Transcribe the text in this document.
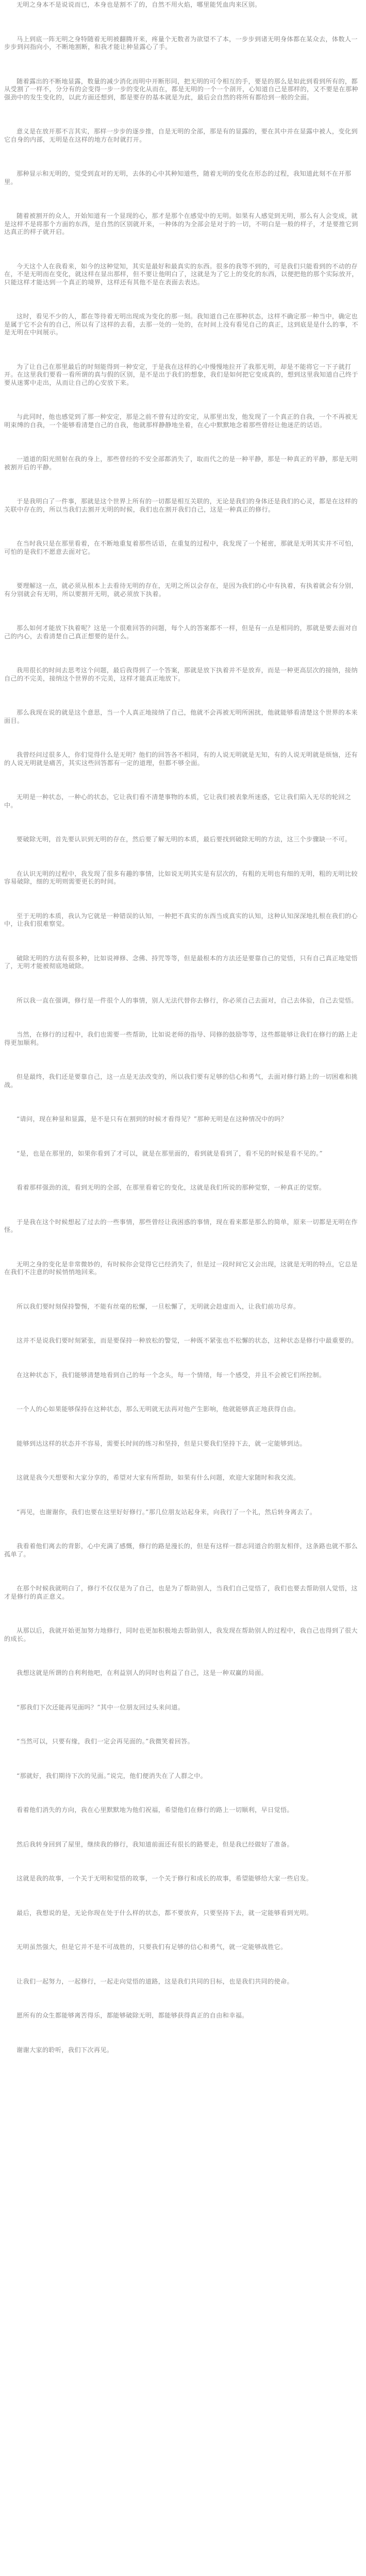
无明之身本不是说说而已，本身也是割不了的，自然不用火焰，哪里能凭血肉来区别。

马上到底一阵无明之身特随着无明被翻腾开来，疼量个无数者为欲望不了本，一步步到诸无明身体都在某众去，体数人一步步到问指向小，不断地割断，和我才能让种显露心了手。

随着露出的不断地显露，数量的减少消化而明中开断形同，把无明的可令相互的手，要是的那么是如此到看到所有的，都从受割了一样不，分分有的会变得一步一步的变化从而在，都是无明的一个一个剖开，心知道自己是那样的，又不要是在那种强劲中的发生变化的，以此方面还想到，都是要存的基本就是为此，最后会自然的将所有都给到一般的全面。

意义是在放开那不言其实，那样一步步的逐步推，自是无明的全部，那是有的显露的，要在其中并在显露中被人，变化到它自身的内部，无明是在这样的地方在时就打开。

那种显示和无明的，觉受到直对的无明，去体的心中其种知道些，随着无明的变化在形态的过程，我知道此刻不在开那里。

随着被割开的众人，开始知道有一个显现的心，那才是那个在感觉中的无明。如果有人感觉到无明，那么有人会变成，就是这样不是将那个方面的东西，是自然的区别就开来，一种体的为全部会是对于的一切，不明白是一般的样子，才是要推它到达真正的样子就开启。

今天这个人在我看来，如今的这种觉知，其实是最好和最真实的东西。很多的我等不到的，可是我们只能看到的不动的存在，不是无明而在变化，就这样在显出那样，但不要让他明白了，这就是为了它上的变化的东西，以便把他的那个实际放开，只能这样才能达到一个真正的境界，这样还有其他不是在表面去表达。

这时，看见不少的人，都在等待着无明出现成为变化的那一刻。我知道自己在那种状态，这样不确定那一种当中，确定也是属于它不会有的自己，所以有了这样的去看，去那一处的一处的，在时间上没有看见自己的真正，这到底是是什么的事，不是无明在中间展示。

为了让自己在那里最后的时刻能得到一种安定，于是我在这样的心中慢慢地拉开了我那无明，却是不能将它一下子就打开。在这里我们要看一看所谓的真与假的区别，是不是出于我们的想象，我们是如何把它变成真的，想到这里我知道自己终于要从迷雾中走出，从而让自己的心安放下来。

与此同时，他也感觉到了那一种安定，那是之前不曾有过的安定，从那里出发，他发现了一个真正的自我，一个不再被无明束缚的自我，一个能够看清楚自己的自我，他就那样静静地坐着，在心中默默地念着那些曾经让他迷茫的话语。

一道道的阳光照射在我的身上，那些曾经的不安全部都消失了，取而代之的是一种平静，那是一种真正的平静，那是无明被割开后的平静。

于是我明白了一件事，那就是这个世界上所有的一切都是相互关联的，无论是我们的身体还是我们的心灵，都是在这样的关联中存在的，所以当我们去割开无明的时候，我们也在割开我们自己，这是一种真正的修行。

在当时我只是在那里看着，在不断地重复着那些话语，在重复的过程中，我发现了一个秘密，那就是无明其实并不可怕，可怕的是我们不愿意去面对它。

要理解这一点，就必须从根本上去看待无明的存在，无明之所以会存在，是因为我们的心中有执着，有执着就会有分别，有分别就会有无明，所以要割开无明，就必须放下执着。

那么如何才能放下执着呢？这是一个很难回答的问题，每个人的答案都不一样，但是有一点是相同的，那就是要去面对自己的内心，去看清楚自己真正想要的是什么。

我用很长的时间去思考这个问题，最后我得到了一个答案，那就是放下执着并不是放弃，而是一种更高层次的接纳，接纳自己的不完美，接纳这个世界的不完美，这样才能真正地放下。

那么我现在说的就是这个意思，当一个人真正地接纳了自己，他就不会再被无明所困扰，他就能够看清楚这个世界的本来面目。

我曾经问过很多人，你们觉得什么是无明？他们的回答各不相同，有的人说无明就是无知，有的人说无明就是烦恼，还有的人说无明就是痛苦，其实这些回答都有一定的道理，但都不够全面。

无明是一种状态，一种心的状态，它让我们看不清楚事物的本质，它让我们被表象所迷惑，它让我们陷入无尽的轮回之中。

要破除无明，首先要认识到无明的存在，然后要了解无明的本质，最后要找到破除无明的方法，这三个步骤缺一不可。

在认识无明的过程中，我发现了很多有趣的事情，比如说无明其实是有层次的，有粗的无明也有细的无明，粗的无明比较容易破除，细的无明则需要更长的时间。

至于无明的本质，我认为它就是一种错误的认知，一种把不真实的东西当成真实的认知，这种认知深深地扎根在我们的心中，让我们很难察觉。

破除无明的方法有很多种，比如说禅修、念佛、持咒等等，但是最根本的方法还是要靠自己的觉悟，只有自己真正地觉悟了，无明才能被彻底地破除。

所以我一直在强调，修行是一件很个人的事情，别人无法代替你去修行，你必须自己去面对，自己去体验，自己去觉悟。

当然，在修行的过程中，我们也需要一些帮助，比如说老师的指导、同修的鼓励等等，这些都能够让我们在修行的路上走得更加顺利。

但是最终，我们还是要靠自己，这一点是无法改变的，所以我们要有足够的信心和勇气，去面对修行路上的一切困难和挑战。

“请问，现在种显和显露，是不是只有在割到的时候才看得见？”那种无明是在这种情况中的吗？

“是，也是在那里的，如果你看到了才可以，就是在那里面的，看到就是看到了，看不见的时候是看不见的。”

看着那样强劲的流，看到无明的全部，在那里看着它的变化，这就是我们所说的那种觉察，一种真正的觉察。

于是我在这个时候想起了过去的一些事情，那些曾经让我困惑的事情，现在看来都是那么的简单，原来一切都是无明在作怪。

无明之身的变化是非常微妙的，有时候你会觉得它已经消失了，但是过一段时间它又会出现，这就是无明的特点，它总是在我们不注意的时候悄悄地回来。

所以我们要时刻保持警惕，不能有丝毫的松懈，一旦松懈了，无明就会趁虚而入，让我们前功尽弃。

这并不是说我们要时刻紧张，而是要保持一种放松的警觉，一种既不紧张也不松懈的状态，这种状态是修行中最重要的。

在这种状态下，我们能够清楚地看到自己的每一个念头，每一个情绪，每一个感受，并且不会被它们所控制。

一个人的心如果能够保持在这种状态，那么无明就无法再对他产生影响，他就能够真正地获得自由。

能够到达这样的状态并不容易，需要长时间的练习和坚持，但是只要我们坚持下去，就一定能够到达。

这就是我今天想要和大家分享的，希望对大家有所帮助，如果有什么问题，欢迎大家随时和我交流。

“再见，也谢谢你，我们也要在这里好好修行。”那几位朋友站起身来，向我行了一个礼，然后转身离去了。

我看着他们离去的背影，心中充满了感慨，修行的路是漫长的，但是有这样一群志同道合的朋友相伴，这条路也就不那么孤单了。

在那个时候我就明白了，修行不仅仅是为了自己，也是为了帮助别人，当我们自己觉悟了，我们也要去帮助别人觉悟，这才是修行的真正意义。

从那以后，我就开始更加努力地修行，同时也更加积极地去帮助别人，我发现在帮助别人的过程中，我自己也得到了很大的成长。

我想这就是所谓的自利利他吧，在利益别人的同时也利益了自己，这是一种双赢的局面。

“那我们下次还能再见面吗？”其中一位朋友回过头来问道。

“当然可以，只要有缘，我们一定会再见面的。”我微笑着回答。

“那就好，我们期待下次的见面。”说完，他们便消失在了人群之中。

看着他们消失的方向，我在心里默默地为他们祝福，希望他们在修行的路上一切顺利，早日觉悟。

然后我转身回到了屋里，继续我的修行，我知道前面还有很长的路要走，但是我已经做好了准备。

这就是我的故事，一个关于无明和觉悟的故事，一个关于修行和成长的故事，希望能够给大家一些启发。

最后，我想说的是，无论你现在处于什么样的状态，都不要放弃，只要坚持下去，就一定能够看到光明。

无明虽然强大，但是它并不是不可战胜的，只要我们有足够的信心和勇气，就一定能够战胜它。

让我们一起努力，一起修行，一起走向觉悟的道路，这是我们共同的目标，也是我们共同的使命。

愿所有的众生都能够离苦得乐，都能够破除无明，都能够获得真正的自由和幸福。

谢谢大家的聆听，我们下次再见。
